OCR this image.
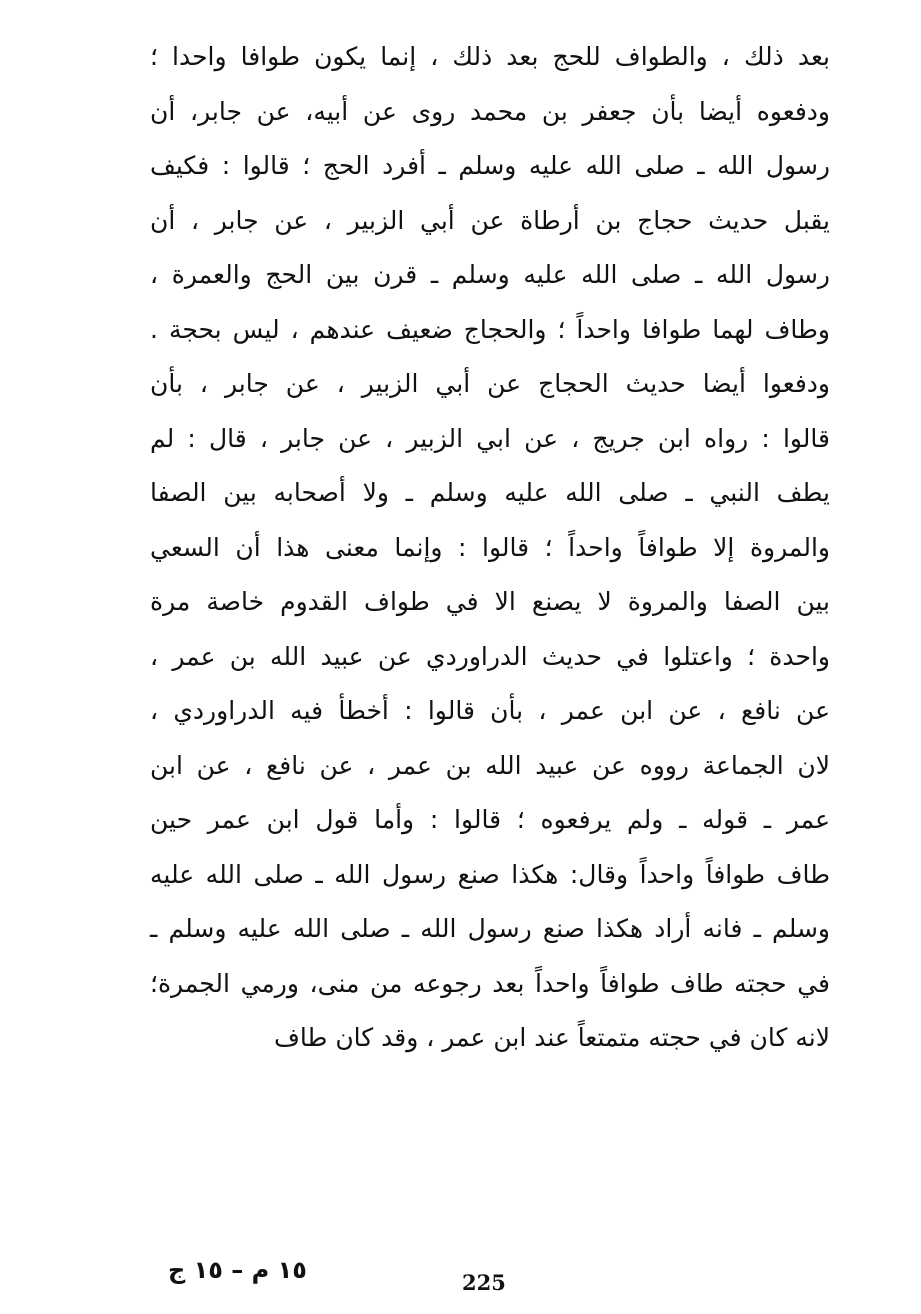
بعد ذلك ، والطواف للحج بعد ذلك ، إنما يكون طوافا واحدا ؛
ودفعوه أيضا بأن جعفر بن محمد روى عن أبيه، عن جابر، أن
رسول الله ـ صلى الله عليه وسلم ـ أفرد الحج ؛ قالوا : فكيف
يقبل حديث حجاج بن أرطاة عن أبي الزبير ، عن جابر ، أن
رسول الله ـ صلى الله عليه وسلم ـ قرن بين الحج والعمرة ،
وطاف لهما طوافا واحداً ؛ والحجاج ضعيف عندهم ، ليس بحجة .
ودفعوا أيضا حديث الحجاج عن أبي الزبير ، عن جابر ، بأن
قالوا : رواه ابن جريج ، عن ابي الزبير ، عن جابر ، قال : لم
يطف النبي ـ صلى الله عليه وسلم ـ ولا أصحابه بين الصفا
والمروة إلا طوافاً واحداً ؛ قالوا : وإنما معنى هذا أن السعي
بين الصفا والمروة لا يصنع الا في طواف القدوم خاصة مرة
واحدة ؛ واعتلوا في حديث الدراوردي عن عبيد الله بن عمر ،
عن نافع ، عن ابن عمر ، بأن قالوا : أخطأ فيه الدراوردي ،
لان الجماعة رووه عن عبيد الله بن عمر ، عن نافع ، عن ابن
عمر ـ قوله ـ ولم يرفعوه ؛ قالوا : وأما قول ابن عمر حين
طاف طوافاً واحداً وقال: هكذا صنع رسول الله ـ صلى الله عليه
وسلم ـ فانه أراد هكذا صنع رسول الله ـ صلى الله عليه وسلم ـ
في حجته طاف طوافاً واحداً بعد رجوعه من منى، ورمي الجمرة؛
لانه كان في حجته متمتعاً عند ابن عمر ، وقد كان طاف
١٥ م – ١٥ ج	225
